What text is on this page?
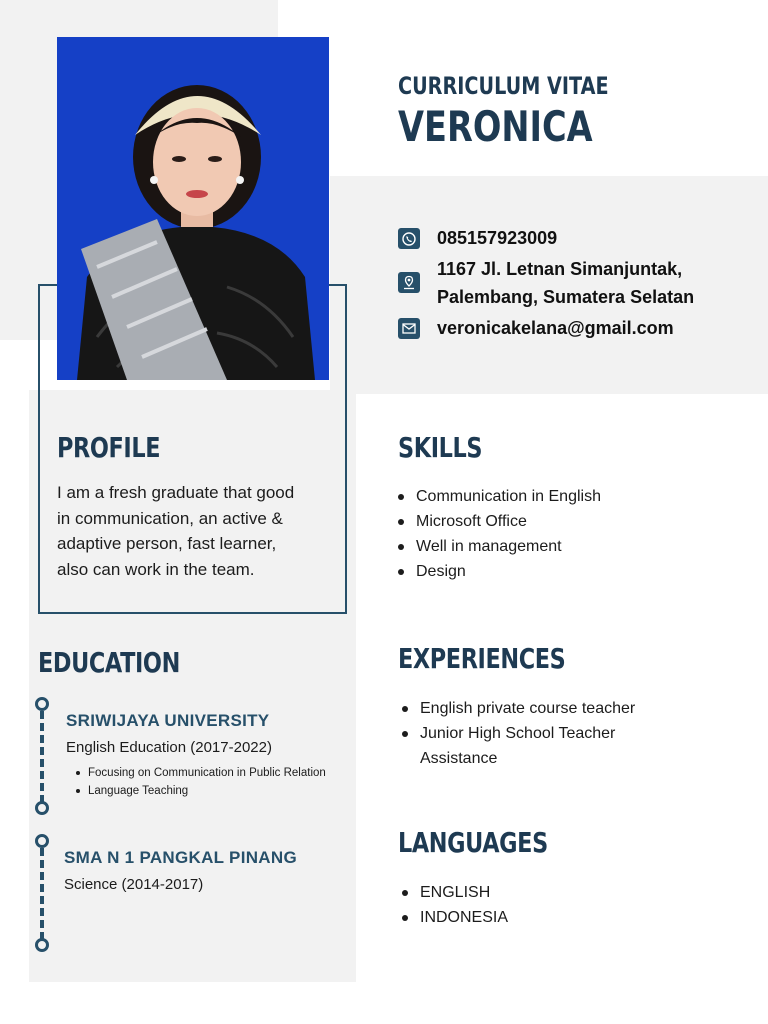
CURRICULUM VITAE
VERONICA
085157923009
1167 Jl. Letnan Simanjuntak,
Palembang, Sumatera Selatan
veronicakelana@gmail.com
PROFILE
I am a fresh graduate that good
in communication, an active &
adaptive person, fast learner,
also can work in the team.
SKILLS
Communication in English
Microsoft Office
Well in management
Design
EXPERIENCES
English private course teacher
Junior High School Teacher
Assistance
LANGUAGES
ENGLISH
INDONESIA
EDUCATION
SRIWIJAYA UNIVERSITY
English Education (2017-2022)
Focusing on Communication in Public Relation
Language Teaching
SMA N 1 PANGKAL PINANG
Science (2014-2017)
